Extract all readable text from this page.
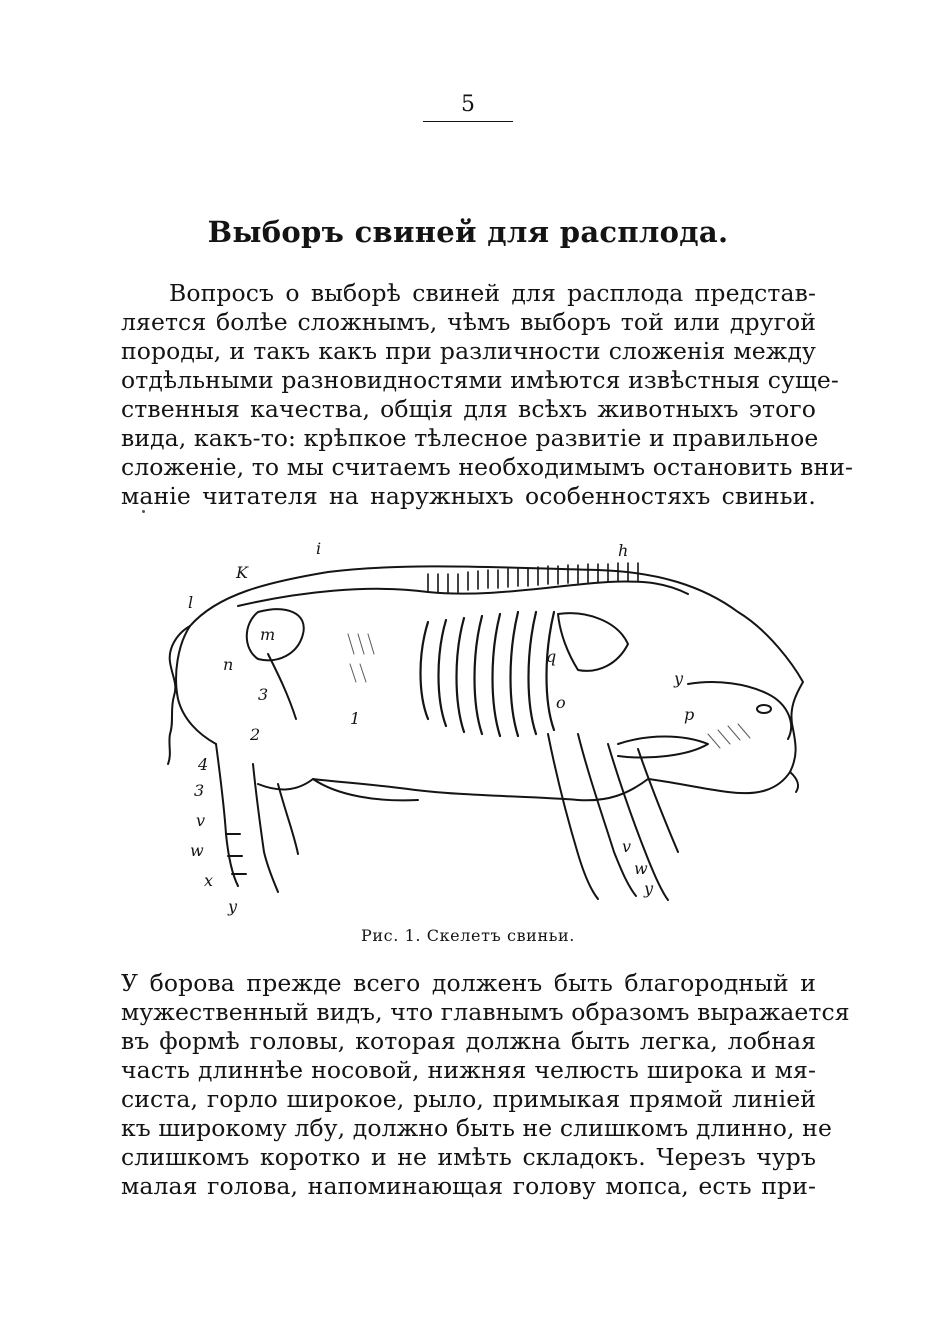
5
Выборъ свиней для расплода.
Вопросъ о выборѣ свиней для расплода представ-
ляется болѣе сложнымъ, чѣмъ выборъ той или другой
породы, и такъ какъ при различности сложенія между
отдѣльными разновидностями имѣются извѣстныя суще-
ственныя качества, общія для всѣхъ животныхъ этого
вида, какъ-то: крѣпкое тѣлесное развитіе и правильное
сложеніе, то мы считаемъ необходимымъ остановить вни-
маніе читателя на наружныхъ особенностяхъ свиньи.
i	h
K
l
m
n
3
2
1
4
3
v
w
x
y
q
o
y
p
v
w
y
Рис. 1. Скелетъ свиньи.
У борова прежде всего долженъ быть благородный и
мужественный видъ, что главнымъ образомъ выражается
въ формѣ головы, которая должна быть легка, лобная
часть длиннѣе носовой, нижняя челюсть широка и мя-
систа, горло широкое, рыло, примыкая прямой линіей
къ широкому лбу, должно быть не слишкомъ длинно, не
слишкомъ коротко и не имѣть складокъ. Черезъ чуръ
малая голова, напоминающая голову мопса, есть при-
